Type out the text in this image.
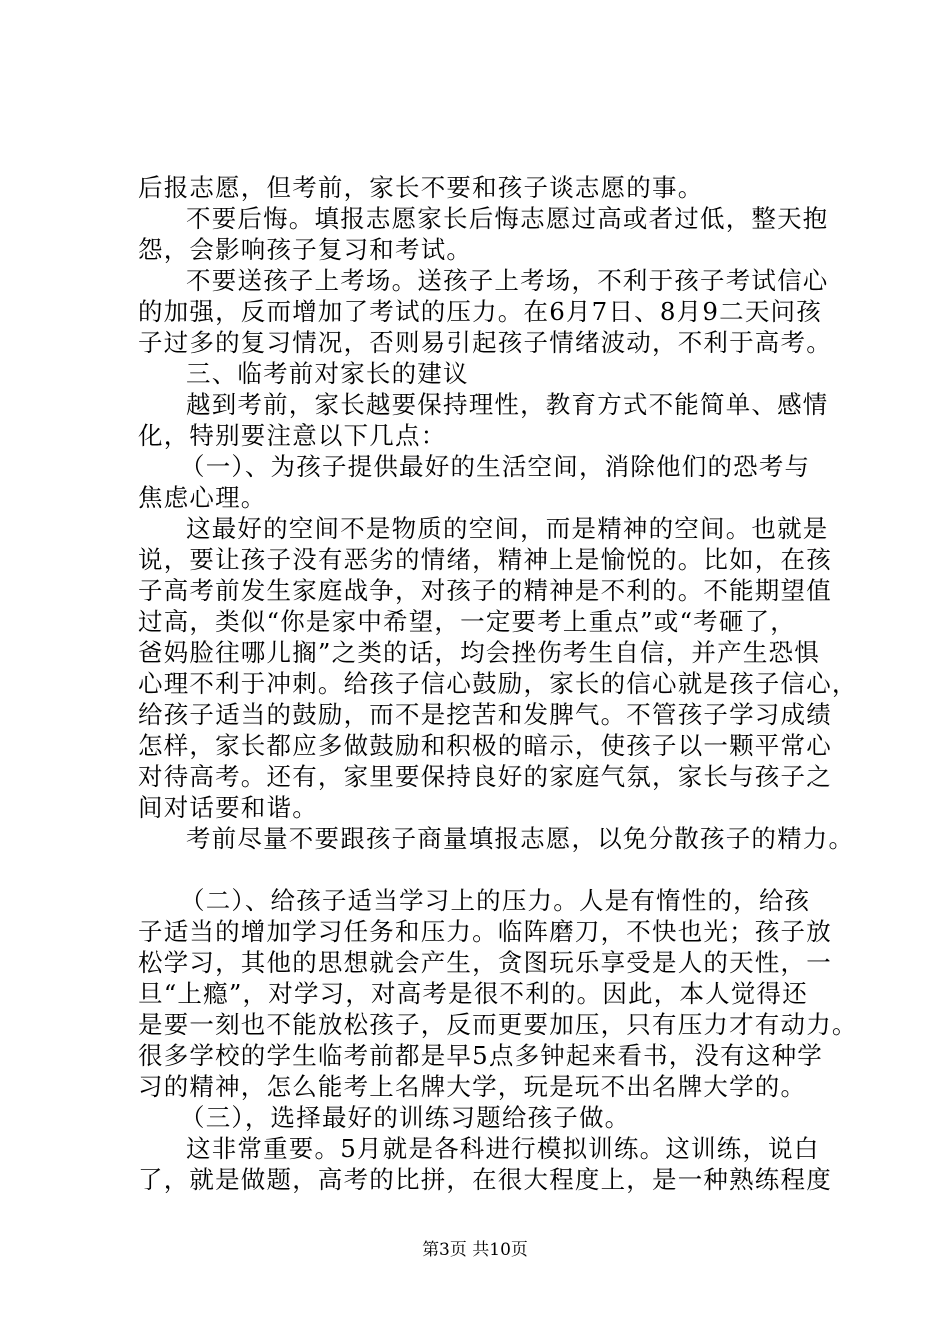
后报志愿，但考前，家长不要和孩子谈志愿的事。
不要后悔。填报志愿家长后悔志愿过高或者过低，整天抱
怨，会影响孩子复习和考试。
不要送孩子上考场。送孩子上考场，不利于孩子考试信心
的加强，反而增加了考试的压力。在6月7日、8月9二天问孩
子过多的复习情况，否则易引起孩子情绪波动，不利于高考。
三、临考前对家长的建议
越到考前，家长越要保持理性，教育方式不能简单、感情
化，特别要注意以下几点：
（一）、为孩子提供最好的生活空间，消除他们的恐考与
焦虑心理。
这最好的空间不是物质的空间，而是精神的空间。也就是
说，要让孩子没有恶劣的情绪，精神上是愉悦的。比如，在孩
子高考前发生家庭战争，对孩子的精神是不利的。不能期望值
过高，类似“你是家中希望，一定要考上重点”或“考砸了，
爸妈脸往哪儿搁”之类的话，均会挫伤考生自信，并产生恐惧
心理不利于冲刺。给孩子信心鼓励，家长的信心就是孩子信心，
给孩子适当的鼓励，而不是挖苦和发脾气。不管孩子学习成绩
怎样，家长都应多做鼓励和积极的暗示，使孩子以一颗平常心
对待高考。还有，家里要保持良好的家庭气氛，家长与孩子之
间对话要和谐。
考前尽量不要跟孩子商量填报志愿，以免分散孩子的精力。
（二）、给孩子适当学习上的压力。人是有惰性的，给孩
子适当的增加学习任务和压力。临阵磨刀，不快也光；孩子放
松学习，其他的思想就会产生，贪图玩乐享受是人的天性，一
旦“上瘾”，对学习，对高考是很不利的。因此，本人觉得还
是要一刻也不能放松孩子，反而更要加压，只有压力才有动力。
很多学校的学生临考前都是早5点多钟起来看书，没有这种学
习的精神，怎么能考上名牌大学，玩是玩不出名牌大学的。
（三），选择最好的训练习题给孩子做。
这非常重要。5月就是各科进行模拟训练。这训练，说白
了，就是做题，高考的比拼，在很大程度上，是一种熟练程度
第3页 共10页
